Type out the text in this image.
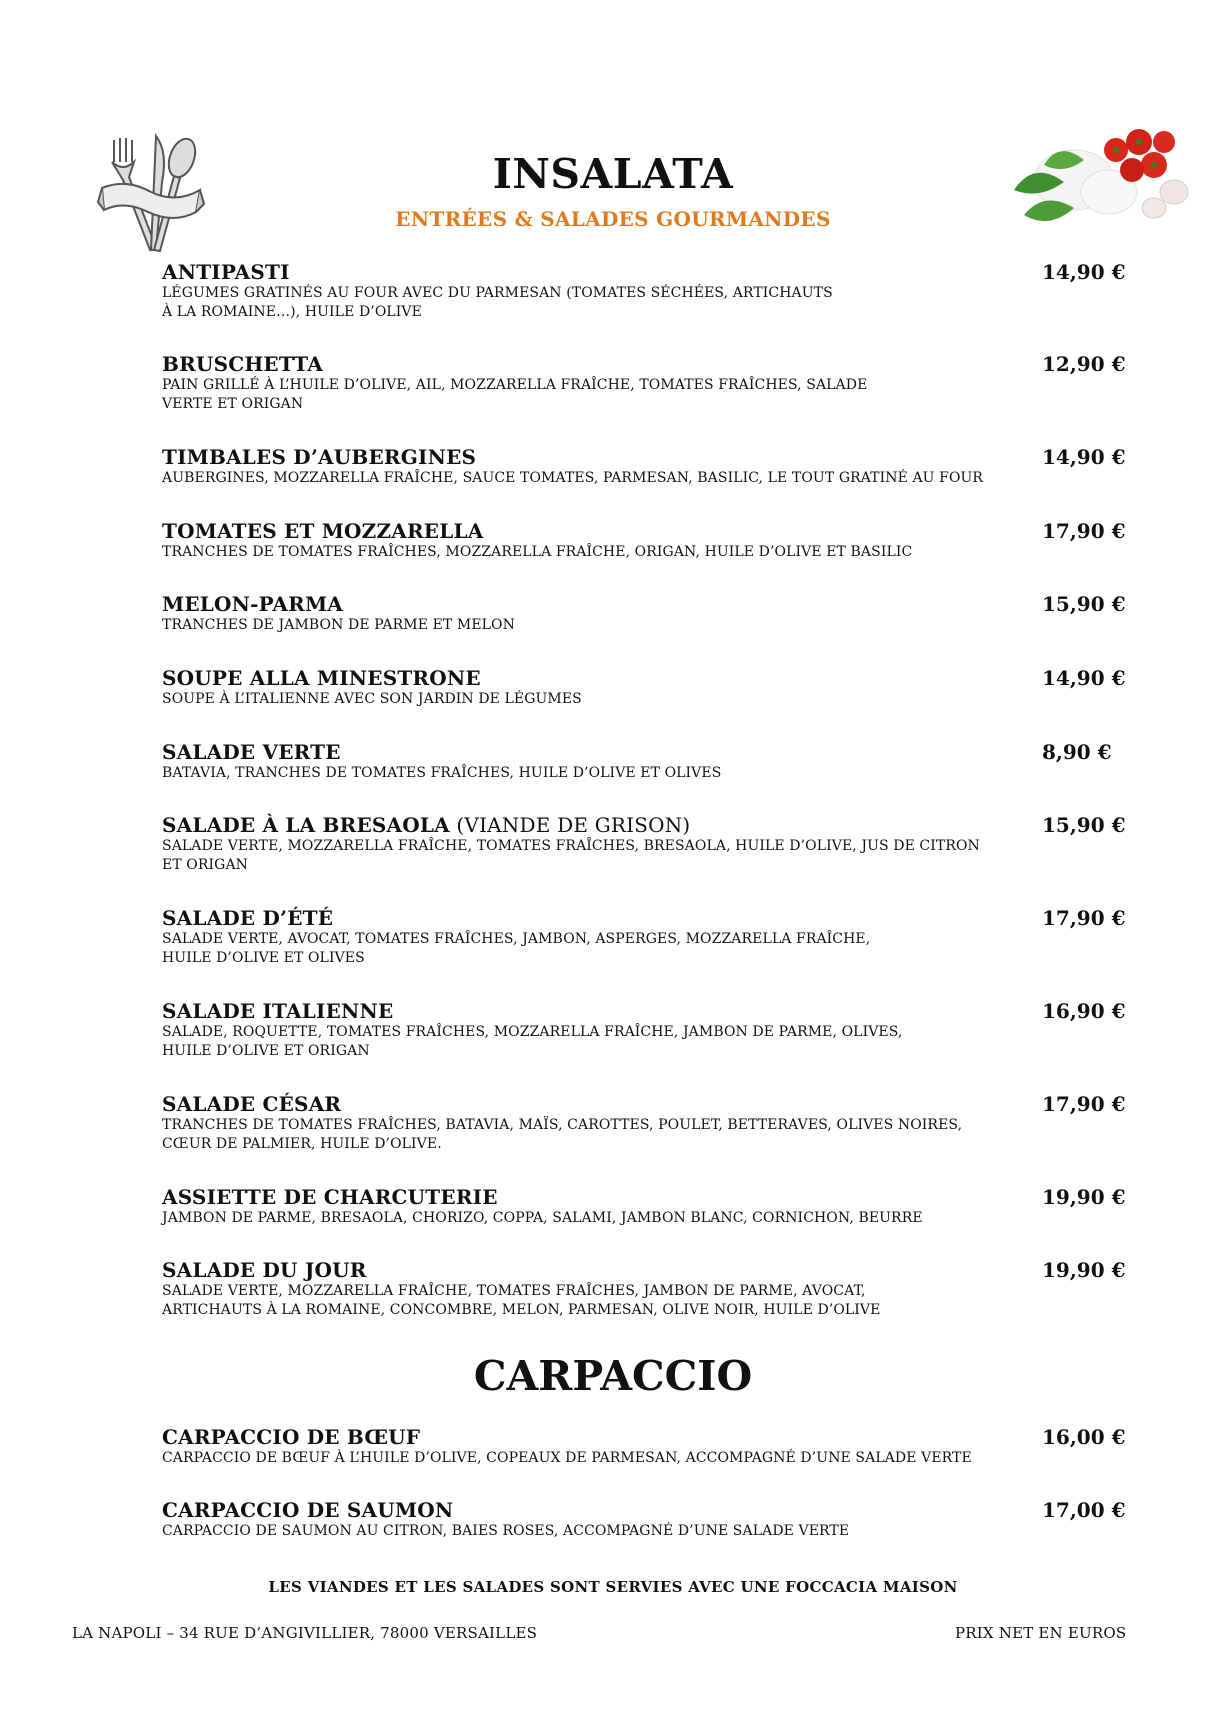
INSALATA
ENTRÉES & SALADES GOURMANDES
ANTIPASTI
LÉGUMES GRATINÉS AU FOUR AVEC DU PARMESAN (TOMATES SÉCHÉES, ARTICHAUTS
À LA ROMAINE…), HUILE D’OLIVE
14,90 €
BRUSCHETTA
PAIN GRILLÉ À L’HUILE D’OLIVE, AIL, MOZZARELLA FRAÎCHE, TOMATES FRAÎCHES, SALADE
VERTE ET ORIGAN
12,90 €
TIMBALES D’AUBERGINES
AUBERGINES, MOZZARELLA FRAÎCHE, SAUCE TOMATES, PARMESAN, BASILIC, LE TOUT GRATINÉ AU FOUR
14,90 €
TOMATES ET MOZZARELLA
TRANCHES DE TOMATES FRAÎCHES, MOZZARELLA FRAÎCHE, ORIGAN, HUILE D’OLIVE ET BASILIC
17,90 €
MELON-PARMA
TRANCHES DE JAMBON DE PARME ET MELON
15,90 €
SOUPE ALLA MINESTRONE
SOUPE À L’ITALIENNE AVEC SON JARDIN DE LÉGUMES
14,90 €
SALADE VERTE
BATAVIA, TRANCHES DE TOMATES FRAÎCHES, HUILE D’OLIVE ET OLIVES
8,90 €
SALADE À LA BRESAOLA (VIANDE DE GRISON)
SALADE VERTE, MOZZARELLA FRAÎCHE, TOMATES FRAÎCHES, BRESAOLA, HUILE D’OLIVE, JUS DE CITRON
ET ORIGAN
15,90 €
SALADE D’ÉTÉ
SALADE VERTE, AVOCAT, TOMATES FRAÎCHES, JAMBON, ASPERGES, MOZZARELLA FRAÎCHE,
HUILE D’OLIVE ET OLIVES
17,90 €
SALADE ITALIENNE
SALADE, ROQUETTE, TOMATES FRAÎCHES, MOZZARELLA FRAÎCHE, JAMBON DE PARME, OLIVES,
HUILE D’OLIVE ET ORIGAN
16,90 €
SALADE CÉSAR
TRANCHES DE TOMATES FRAÎCHES, BATAVIA, MAÏS, CAROTTES, POULET, BETTERAVES, OLIVES NOIRES,
CŒUR DE PALMIER, HUILE D’OLIVE.
17,90 €
ASSIETTE DE CHARCUTERIE
JAMBON DE PARME, BRESAOLA, CHORIZO, COPPA, SALAMI, JAMBON BLANC, CORNICHON, BEURRE
19,90 €
SALADE DU JOUR
SALADE VERTE, MOZZARELLA FRAÎCHE, TOMATES FRAÎCHES, JAMBON DE PARME, AVOCAT,
ARTICHAUTS À LA ROMAINE, CONCOMBRE, MELON, PARMESAN, OLIVE NOIR, HUILE D’OLIVE
19,90 €
CARPACCIO
CARPACCIO DE BŒUF
CARPACCIO DE BŒUF À L’HUILE D’OLIVE, COPEAUX DE PARMESAN, ACCOMPAGNÉ D’UNE SALADE VERTE
16,00 €
CARPACCIO DE SAUMON
CARPACCIO DE SAUMON AU CITRON, BAIES ROSES, ACCOMPAGNÉ D’UNE SALADE VERTE
17,00 €
LES VIANDES ET LES SALADES SONT SERVIES AVEC UNE FOCCACIA MAISON
LA NAPOLI – 34 RUE D’ANGIVILLIER, 78000 VERSAILLES	PRIX NET EN EUROS
